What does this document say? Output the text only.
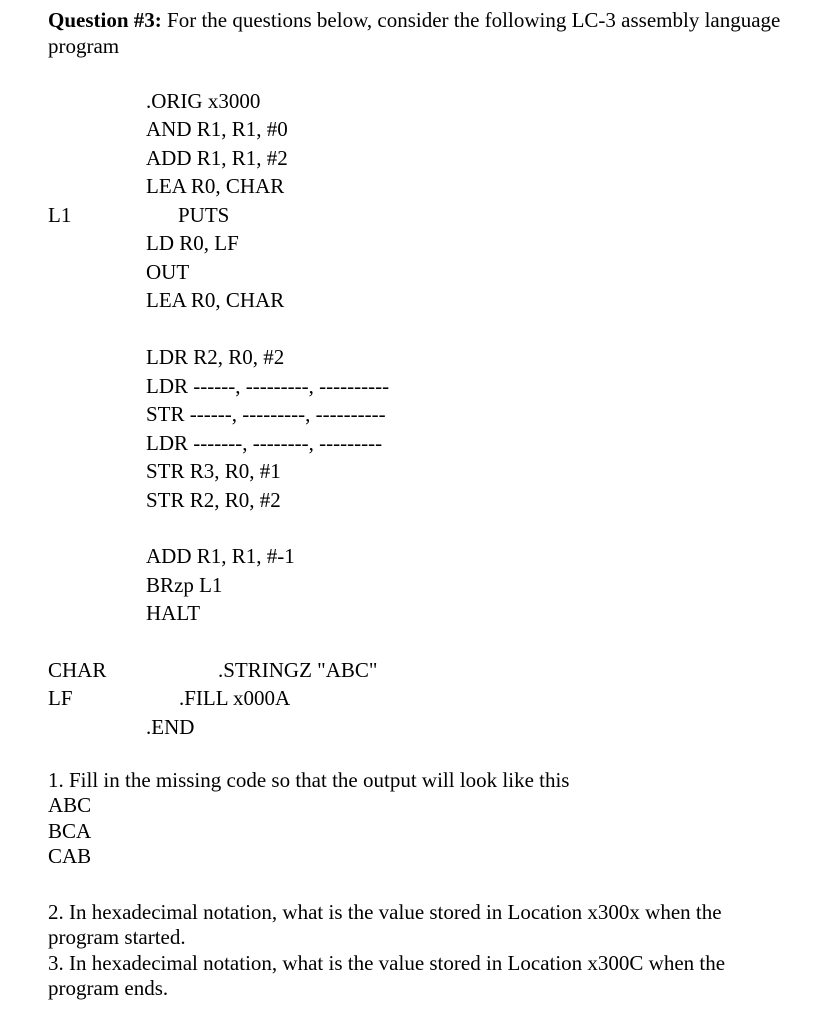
Question #3: For the questions below, consider the following LC-3 assembly language program
.ORIG x3000
AND R1, R1, #0
ADD R1, R1, #2
LEA R0, CHAR
L1	PUTS
LD R0, LF
OUT
LEA R0, CHAR
LDR R2, R0, #2
LDR ------, ---------, ----------
STR ------, ---------, ----------
LDR -------, --------, ---------
STR R3, R0, #1
STR R2, R0, #2
ADD R1, R1, #-1
BRzp L1
HALT
CHAR	.STRINGZ "ABC"
LF	.FILL x000A
.END
1. Fill in the missing code so that the output will look like this
ABC
BCA
CAB
2. In hexadecimal notation, what is the value stored in Location x300x when the program started.
3. In hexadecimal notation, what is the value stored in Location x300C when the program ends.
